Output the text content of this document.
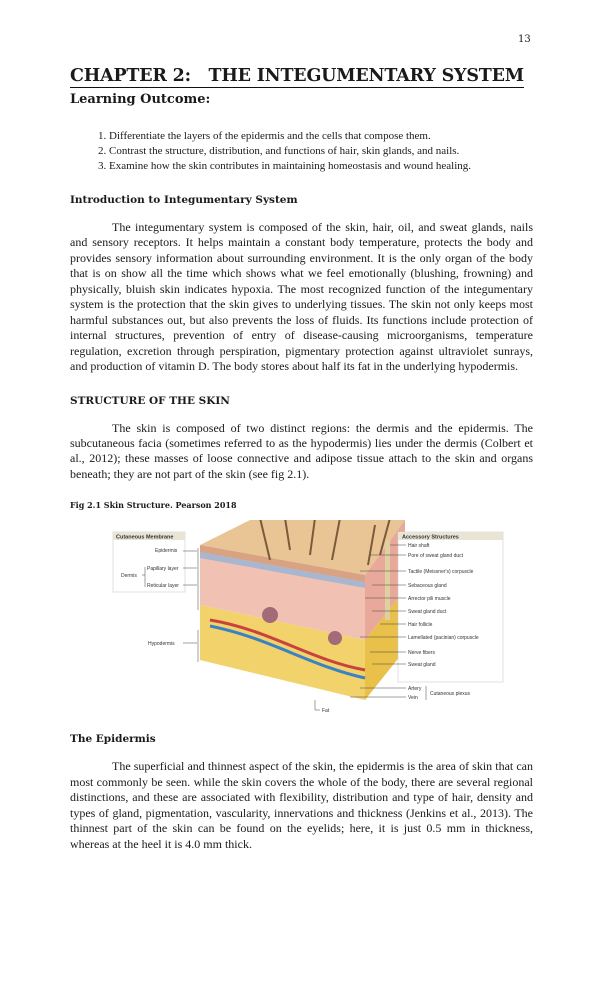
13
CHAPTER 2:   THE INTEGUMENTARY SYSTEM
Learning Outcome:
1. Differentiate the layers of the epidermis and the cells that compose them.
2. Contrast the structure, distribution, and functions of hair, skin glands, and nails.
3. Examine how the skin contributes in maintaining homeostasis and wound healing.
Introduction to Integumentary System

The integumentary system is composed of the skin, hair, oil, and sweat glands, nails and sensory receptors. It helps maintain a constant body temperature, protects the body and provides sensory information about surrounding environment. It is the only organ of the body that is on show all the time which shows what we feel emotionally (blushing, frowning) and physically, bluish skin indicates hypoxia. The most recognized function of the integumentary system is the protection that the skin gives to underlying tissues. The skin not only keeps most harmful substances out, but also prevents the loss of fluids. Its functions include protection of internal structures, prevention of entry of disease-causing microorganisms, temperature regulation, excretion through perspiration, pigmentary protection against ultraviolet sunrays, and production of vitamin D. The body stores about half its fat in the underlying hypodermis.

STRUCTURE OF THE SKIN

The skin is composed of two distinct regions: the dermis and the epidermis. The subcutaneous facia (sometimes referred to as the hypodermis) lies under the dermis (Colbert et al., 2012); these masses of loose connective and adipose tissue attach to the skin and organs beneath; they are not part of the skin (see fig 2.1).

Fig 2.1 Skin Structure. Pearson 2018
Cutaneous Membrane
Epidermis
Dermis
Papillary layer
Reticular layer
Hypodermis
Accessory Structures
Hair shaft
Pore of sweat gland duct
Tactile (Meissner's) corpuscle
Sebaceous gland
Arrector pili muscle
Sweat gland duct
Hair follicle
Lamellated (pacinian) corpuscle
Nerve fibers
Sweat gland
Artery
Vein
Cutaneous plexus
Fat
The Epidermis

The superficial and thinnest aspect of the skin, the epidermis is the area of skin that can most commonly be seen. while the skin covers the whole of the body, there are several regional distinctions, and these are associated with flexibility, distribution and type of hair, density and types of gland, pigmentation, vascularity, innervations and thickness (Jenkins et al., 2013). The thinnest part of the skin can be found on the eyelids; here, it is just 0.5 mm in thickness, whereas at the heel it is 4.0 mm thick.
